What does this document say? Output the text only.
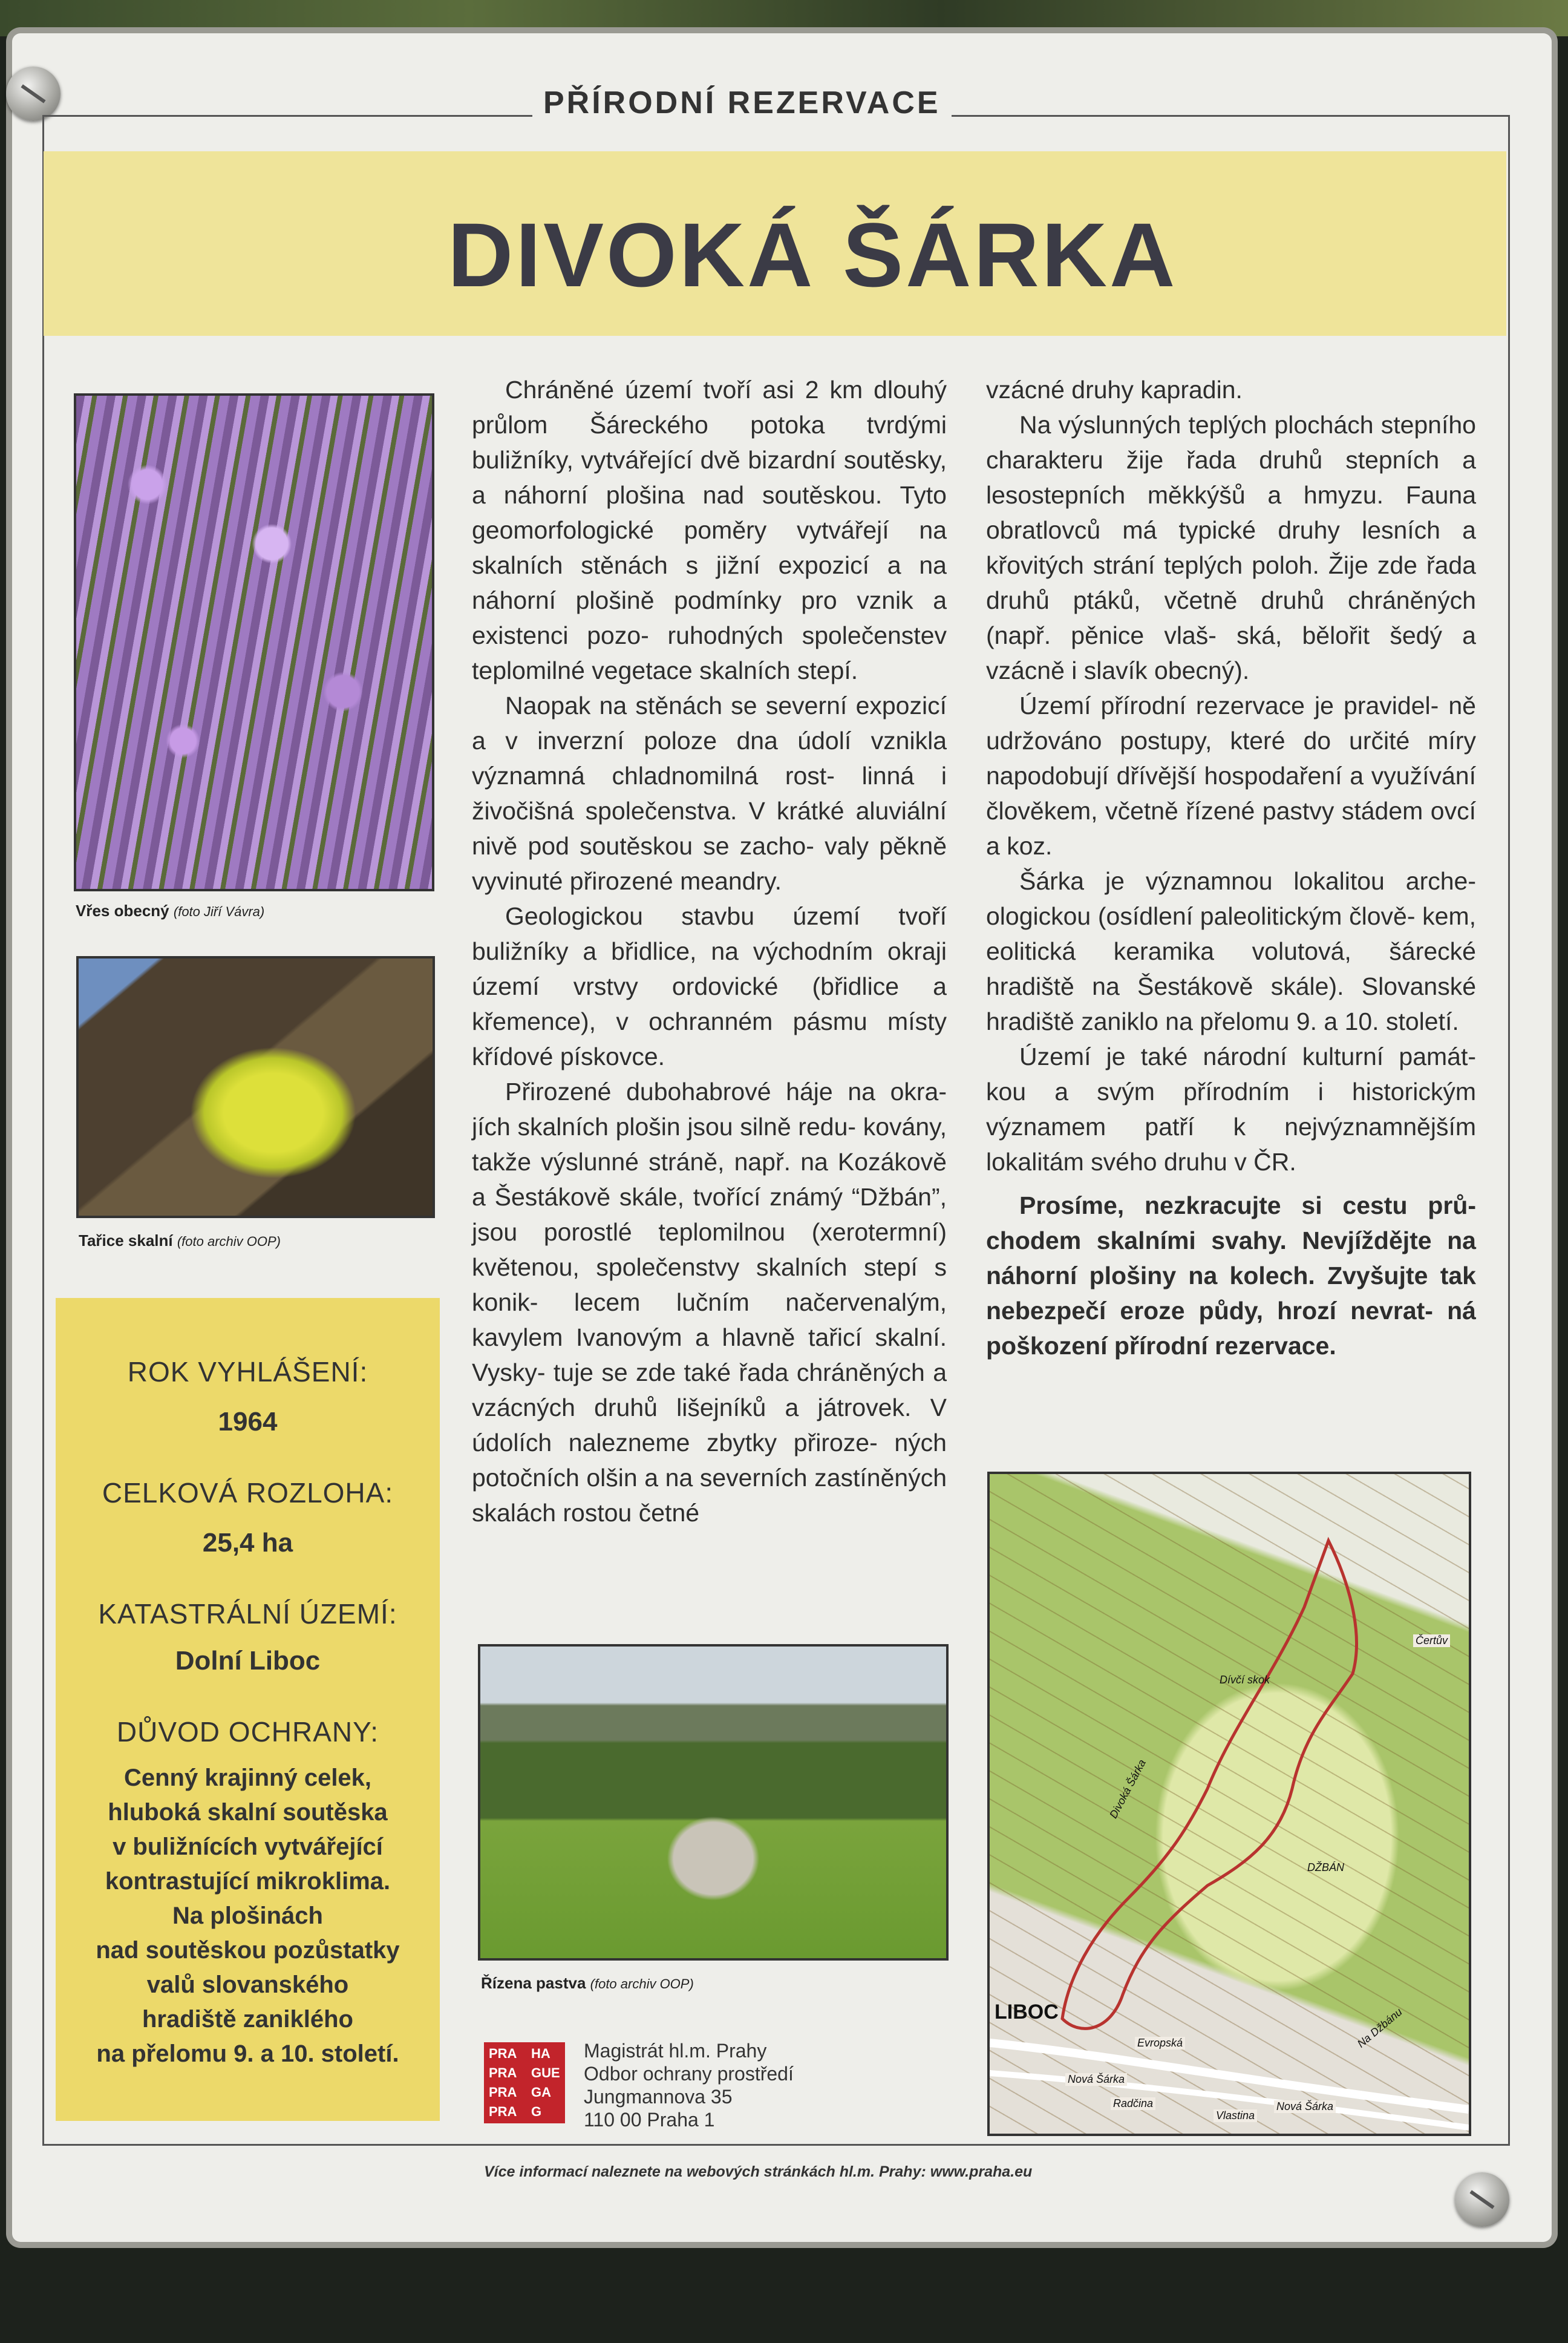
PŘÍRODNÍ REZERVACE
DIVOKÁ ŠÁRKA
Vřes obecný (foto Jiří Vávra)
Tařice skalní (foto archiv OOP)
ROK VYHLÁŠENÍ:
1964
CELKOVÁ ROZLOHA:
25,4 ha
KATASTRÁLNÍ ÚZEMÍ:
Dolní Liboc
DŮVOD OCHRANY:
Cenný krajinný celek,
hluboká skalní soutěska
v buližnících vytvářející
kontrastující mikroklima.
Na plošinách
nad soutěskou pozůstatky
valů slovanského
hradiště zaniklého
na přelomu 9. a 10. století.

Chráněné území tvoří asi 2 km dlouhý průlom Šáreckého potoka tvrdými buližníky, vytvářející dvě bizardní soutěsky, a náhorní plošina nad soutěskou. Tyto geomorfologické poměry vytvářejí na skalních stěnách s jižní expozicí a na náhorní plošině podmínky pro vznik a existenci pozo- ruhodných společenstev teplomilné vegetace skalních stepí.

Naopak na stěnách se severní expozicí a v inverzní poloze dna údolí vznikla významná chladnomilná rost- linná i živočišná společenstva. V krátké aluviální nivě pod soutěskou se zacho- valy pěkně vyvinuté přirozené meandry.

Geologickou stavbu území tvoří buližníky a břidlice, na východním okraji území vrstvy ordovické (břidlice a křemence), v ochranném pásmu místy křídové pískovce.

Přirozené dubohabrové háje na okra- jích skalních plošin jsou silně redu- kovány, takže výslunné stráně, např. na Kozákově a Šestákově skále, tvořící známý “Džbán”, jsou porostlé teplomilnou (xerotermní) květenou, společenstvy skalních stepí s konik- lecem lučním načervenalým, kavylem Ivanovým a hlavně tařicí skalní. Vysky- tuje se zde také řada chráněných a vzácných druhů lišejníků a játrovek. V údolích nalezneme zbytky přiroze- ných potočních olšin a na severních zastíněných skalách rostou četné

Řízena pastva (foto archiv OOP)

vzácné druhy kapradin.

Na výslunných teplých plochách stepního charakteru žije řada druhů stepních a lesostepních měkkýšů a hmyzu. Fauna obratlovců má typické druhy lesních a křovitých strání teplých poloh. Žije zde řada druhů ptáků, včetně druhů chráněných (např. pěnice vlaš- ská, bělořit šedý a vzácně i slavík obecný).

Území přírodní rezervace je pravidel- ně udržováno postupy, které do určité míry napodobují dřívější hospodaření a využívání člověkem, včetně řízené pastvy stádem ovcí a koz.

Šárka je významnou lokalitou arche- ologickou (osídlení paleolitickým člově- kem, eolitická keramika volutová, šárecké hradiště na Šestákově skále). Slovanské hradiště zaniklo na přelomu 9. a 10. století.

Území je také národní kulturní památ- kou a svým přírodním i historickým významem patří k nejvýznamnějším lokalitám svého druhu v ČR.

Prosíme, nezkracujte si cestu prů- chodem skalními svahy. Nevjíždějte na náhorní plošiny na kolech. Zvyšujte tak nebezpečí eroze půdy, hrozí nevrat- ná poškození přírodní rezervace.

Čertův
Dívčí skok
Divoká Šárka
DŽBÁN
LIBOC
Evropská
Nová Šárka
Radčina
Vlastina
Nová Šárka
Na Džbánu
PRA HA
PRA GUE
PRA GA
PRA G
Magistrát hl.m. Prahy
Odbor ochrany prostředí
Jungmannova 35
110 00 Praha 1
Více informací naleznete na webových stránkách hl.m. Prahy: www.praha.eu
